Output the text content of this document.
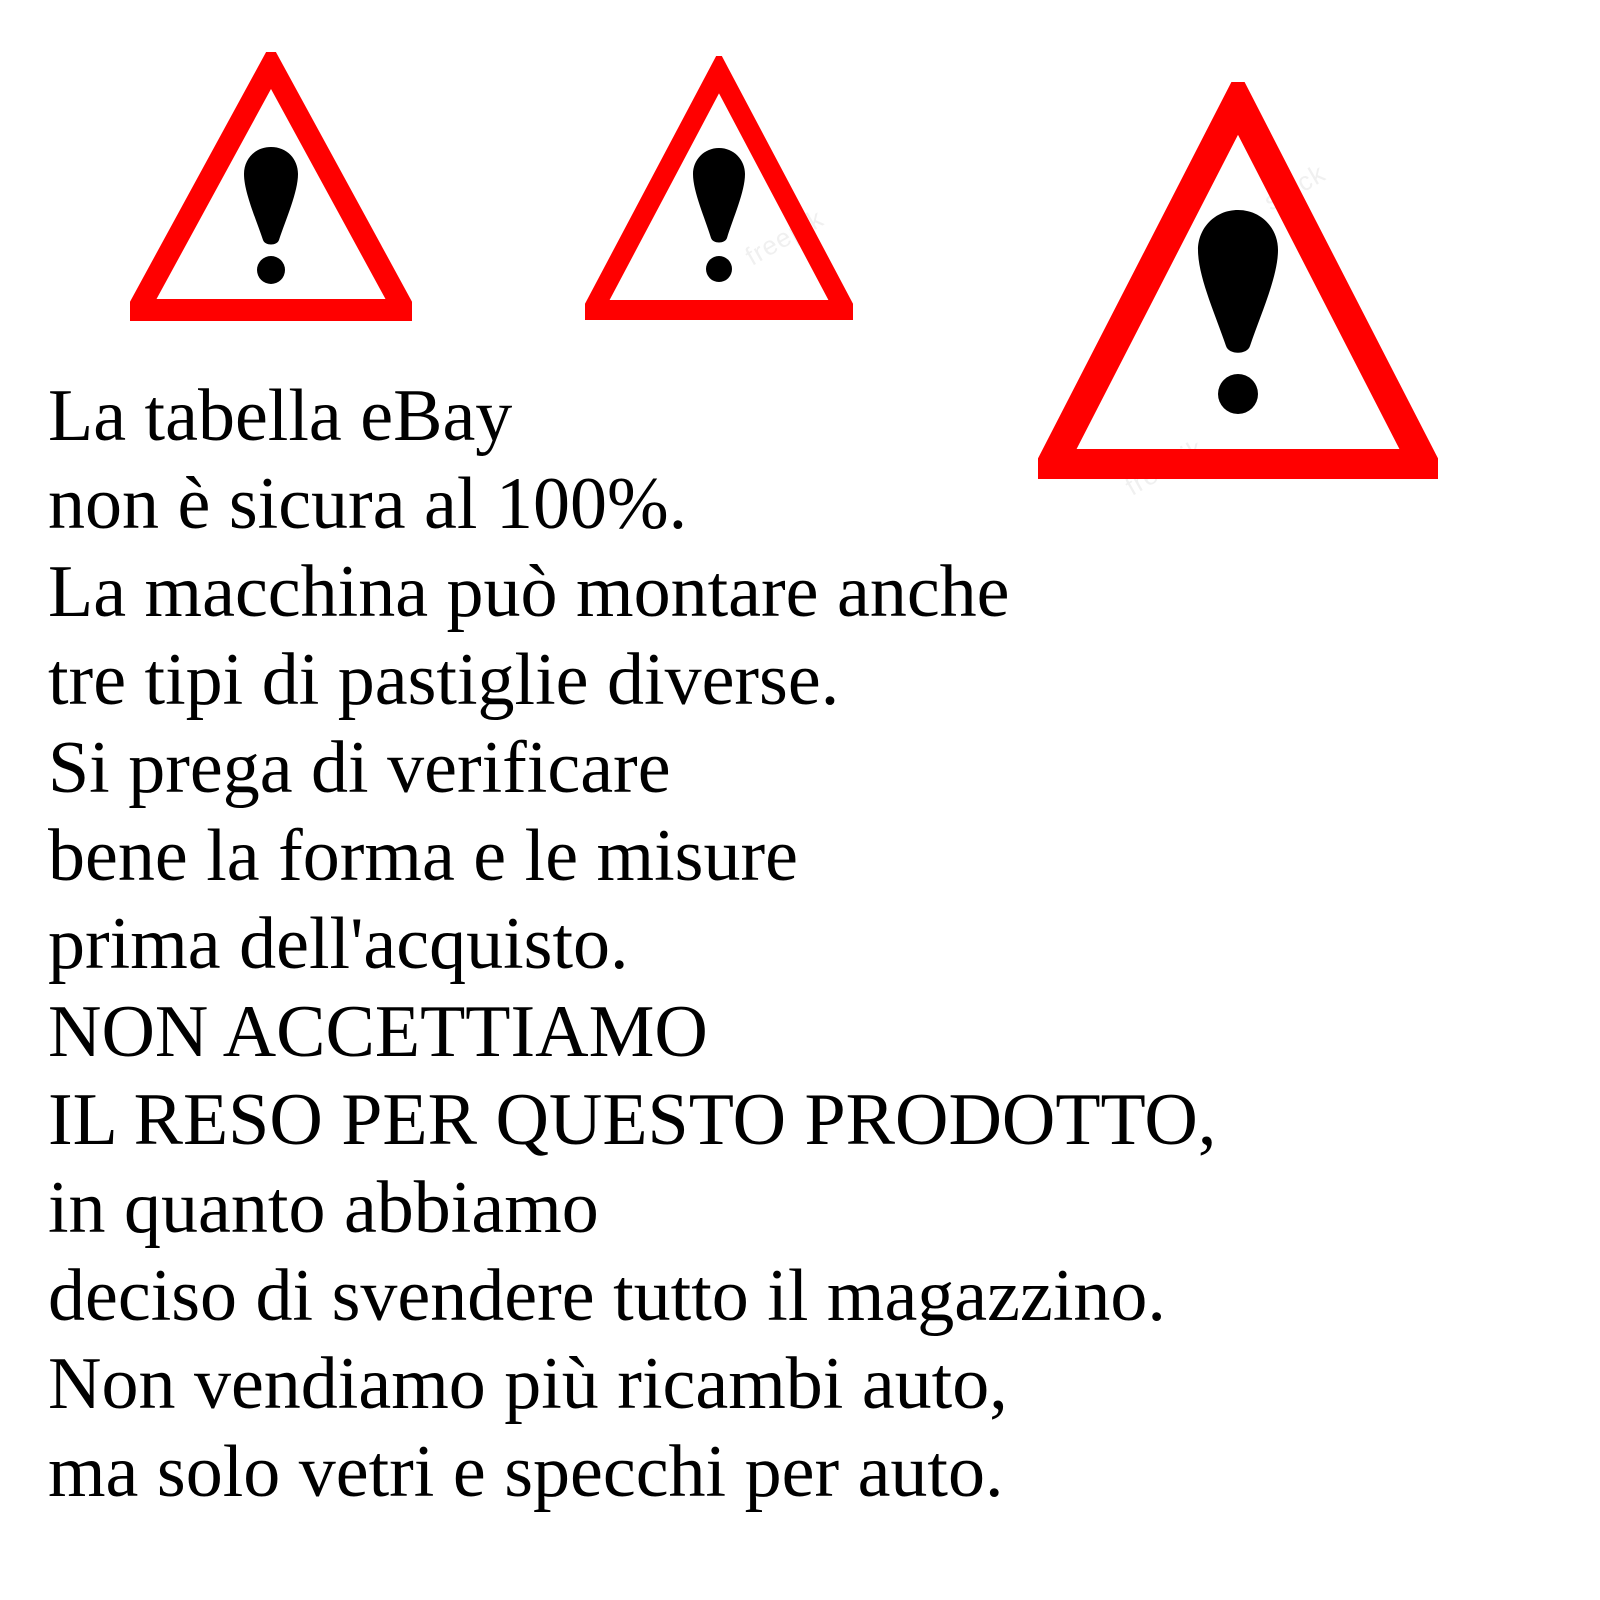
freepik
stock
freepik
La tabella eBay
non è sicura al 100%.
La macchina può montare anche
tre tipi di pastiglie diverse.
Si prega di verificare
bene la forma e le misure
prima dell'acquisto.
NON ACCETTIAMO
IL RESO PER QUESTO PRODOTTO,
in quanto abbiamo
deciso di svendere tutto il magazzino.
Non vendiamo più ricambi auto,
ma solo vetri e specchi per auto.
